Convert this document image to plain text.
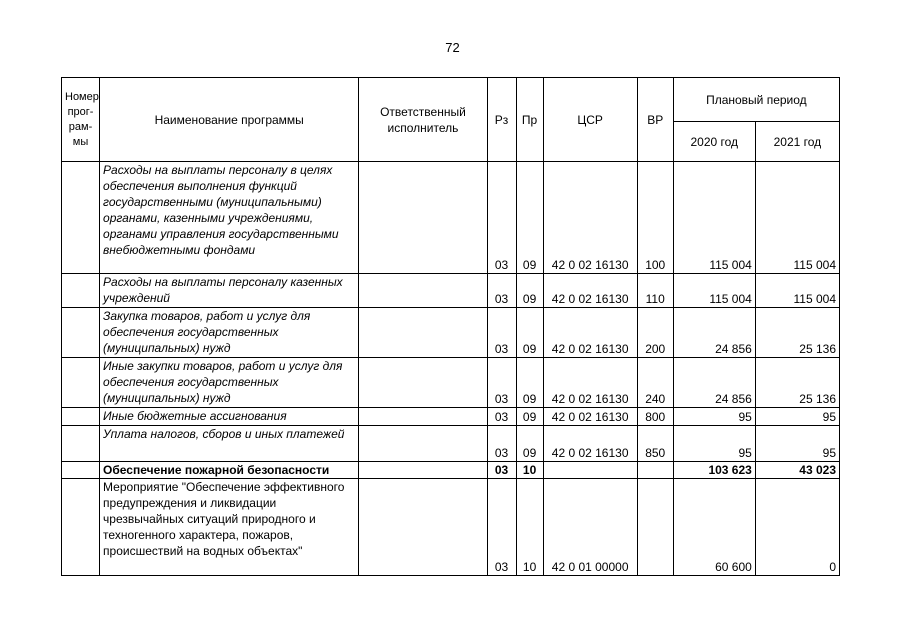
72
Номер прог-рам-мы	Наименование программы	Ответственный исполнитель	Рз	Пр	ЦСР	ВР	Плановый период	
							2020 год	2021 год
	Расходы на выплаты персоналу в целях обеспечения выполнения функций государственными (муниципальными) органами, казенными учреждениями, органами управления государственными внебюджетными фондами		03	09	42 0 02 16130	100	115 004	115 004
	Расходы на выплаты персоналу казенных учреждений		03	09	42 0 02 16130	110	115 004	115 004
	Закупка товаров, работ и услуг для обеспечения государственных (муниципальных) нужд		03	09	42 0 02 16130	200	24 856	25 136
	Иные закупки товаров, работ и услуг для обеспечения государственных (муниципальных) нужд		03	09	42 0 02 16130	240	24 856	25 136
	Иные бюджетные ассигнования		03	09	42 0 02 16130	800	95	95
	Уплата налогов, сборов и иных платежей		03	09	42 0 02 16130	850	95	95
	Обеспечение пожарной безопасности		03	10			103 623	43 023
	Мероприятие "Обеспечение эффективного предупреждения и ликвидации чрезвычайных ситуаций природного и техногенного характера, пожаров, происшествий на водных объектах"		03	10	42 0 01 00000		60 600	0
